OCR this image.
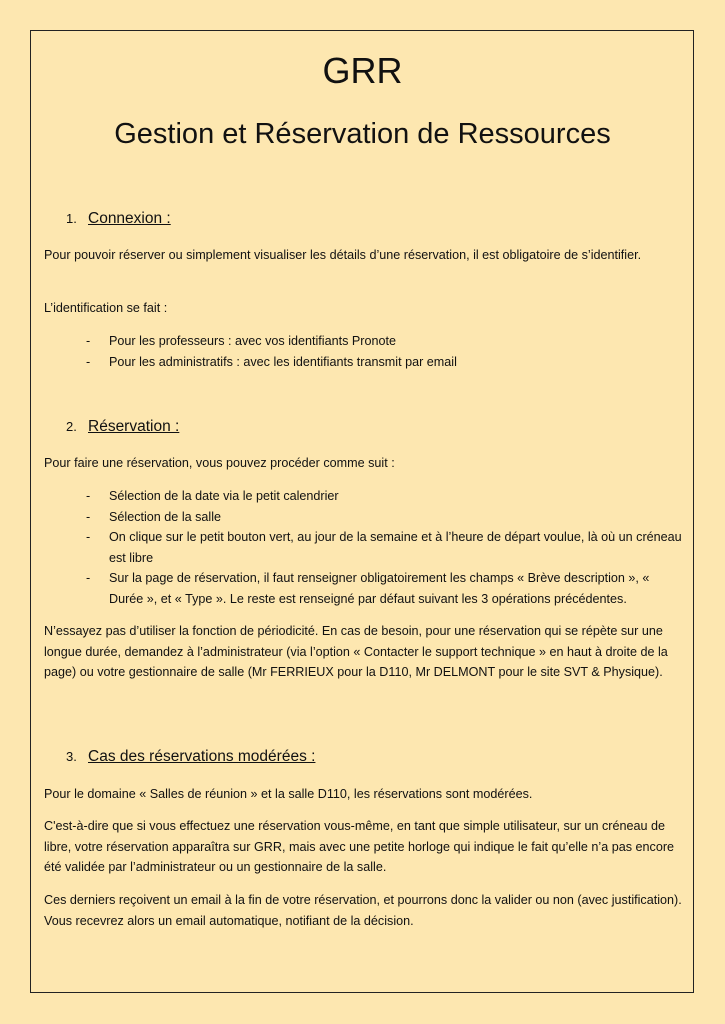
GRR
Gestion et Réservation de Ressources
1. Connexion :

Pour pouvoir réserver ou simplement visualiser les détails d’une réservation, il est obligatoire de s’identifier.

L’identification se fait :

- Pour les professeurs : avec vos identifiants Pronote
- Pour les administratifs : avec les identifiants transmit par email
2. Réservation :

Pour faire une réservation, vous pouvez procéder comme suit :

- Sélection de la date via le petit calendrier
- Sélection de la salle
- On clique sur le petit bouton vert, au jour de la semaine et à l’heure de départ voulue, là où un créneau est libre
- Sur la page de réservation, il faut renseigner obligatoirement les champs « Brève description », « Durée », et « Type ». Le reste est renseigné par défaut suivant les 3 opérations précédentes.

N’essayez pas d’utiliser la fonction de périodicité. En cas de besoin, pour une réservation qui se répète sur une longue durée, demandez à l’administrateur (via l’option « Contacter le support technique » en haut à droite de la page) ou votre gestionnaire de salle (Mr FERRIEUX pour la D110, Mr DELMONT pour le site SVT & Physique).

3. Cas des réservations modérées :

Pour le domaine « Salles de réunion » et la salle D110, les réservations sont modérées.

C'est-à-dire que si vous effectuez une réservation vous-même, en tant que simple utilisateur, sur un créneau de libre, votre réservation apparaîtra sur GRR, mais avec une petite horloge qui indique le fait qu’elle n’a pas encore été validée par l’administrateur ou un gestionnaire de la salle.

Ces derniers reçoivent un email à la fin de votre réservation, et pourrons donc la valider ou non (avec justification). Vous recevrez alors un email automatique, notifiant de la décision.
